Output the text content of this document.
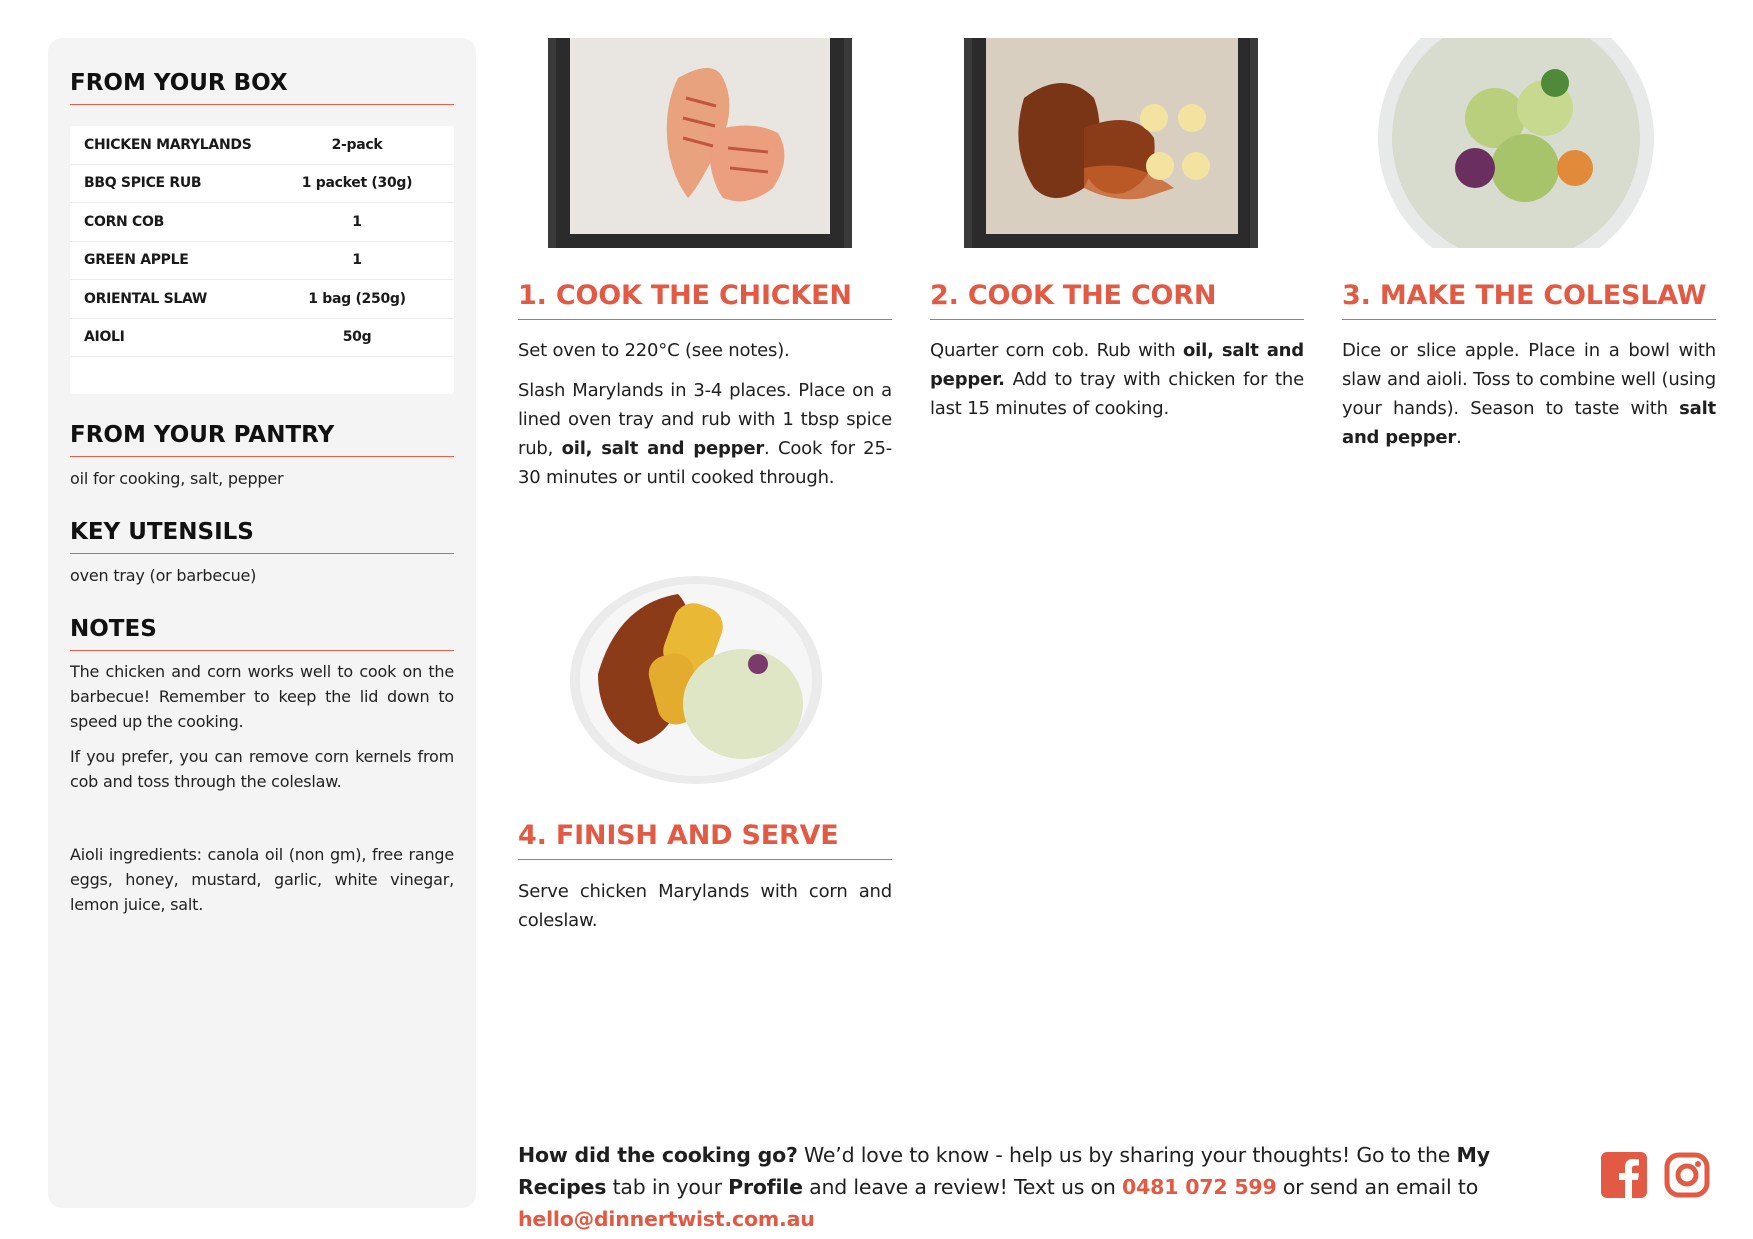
FROM YOUR BOX
CHICKEN MARYLANDS	2-pack
BBQ SPICE RUB	1 packet (30g)
CORN COB	1
GREEN APPLE	1
ORIENTAL SLAW	1 bag (250g)
AIOLI	50g
FROM YOUR PANTRY
oil for cooking, salt, pepper
KEY UTENSILS
oven tray (or barbecue)
NOTES
The chicken and corn works well to cook on the barbecue! Remember to keep the lid down to speed up the cooking.
If you prefer, you can remove corn kernels from cob and toss through the coleslaw.
Aioli ingredients: canola oil (non gm), free range eggs, honey, mustard, garlic, white vinegar, lemon juice, salt.
1. COOK THE CHICKEN

Set oven to 220°C (see notes).

Slash Marylands in 3-4 places. Place on a lined oven tray and rub with 1 tbsp spice rub, oil, salt and pepper. Cook for 25-30 minutes or until cooked through.

2. COOK THE CORN

Quarter corn cob. Rub with oil, salt and pepper. Add to tray with chicken for the last 15 minutes of cooking.

3. MAKE THE COLESLAW

Dice or slice apple. Place in a bowl with slaw and aioli. Toss to combine well (using your hands). Season to taste with salt and pepper.

4. FINISH AND SERVE

Serve chicken Marylands with corn and coleslaw.

How did the cooking go? We’d love to know - help us by sharing your thoughts! Go to the My Recipes tab in your Profile and leave a review! Text us on 0481 072 599 or send an email to hello@dinnertwist.com.au
